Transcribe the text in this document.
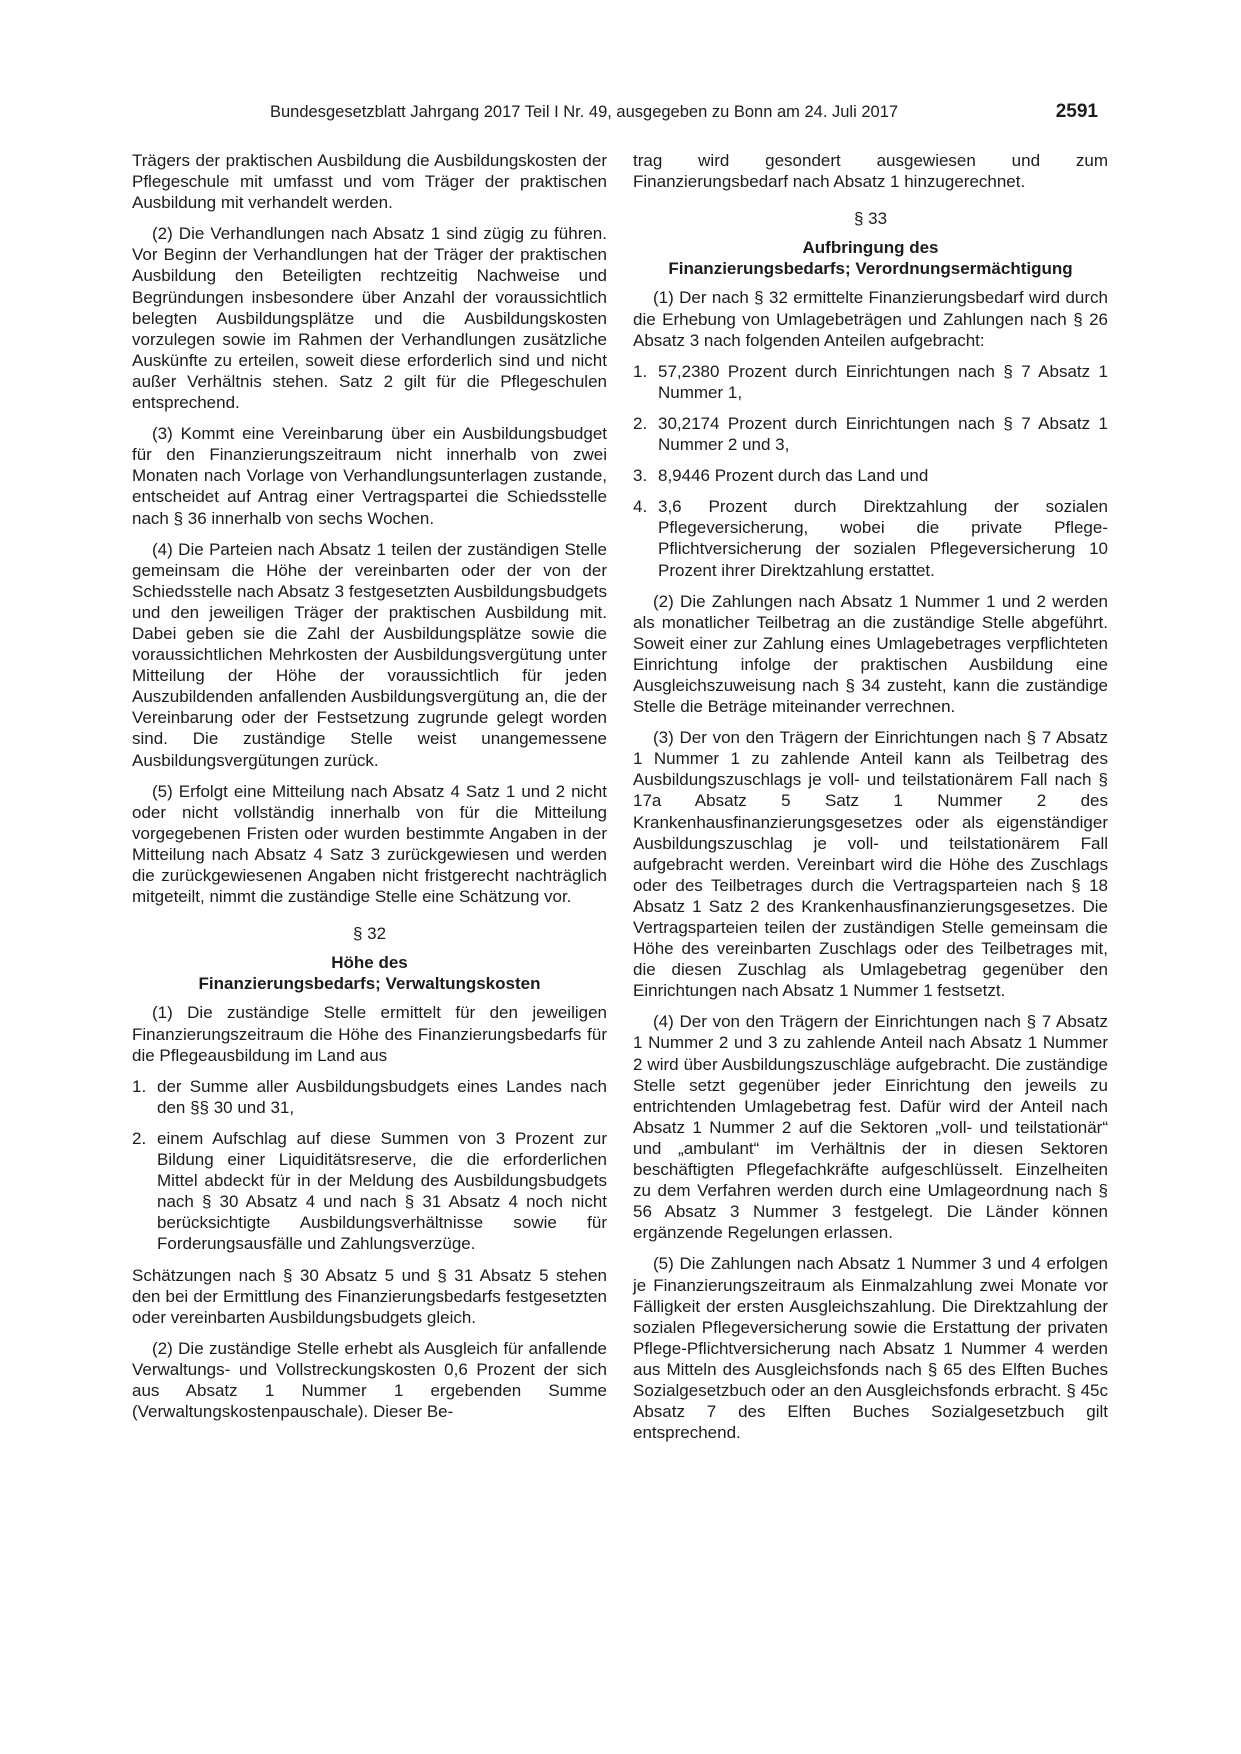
Bundesgesetzblatt Jahrgang 2017 Teil I Nr. 49, ausgegeben zu Bonn am 24. Juli 2017	2591

Trägers der praktischen Ausbildung die Ausbildungskosten der Pflegeschule mit umfasst und vom Träger der praktischen Ausbildung mit verhandelt werden.

(2) Die Verhandlungen nach Absatz 1 sind zügig zu führen. Vor Beginn der Verhandlungen hat der Träger der praktischen Ausbildung den Beteiligten rechtzeitig Nachweise und Begründungen insbesondere über Anzahl der voraussichtlich belegten Ausbildungsplätze und die Ausbildungskosten vorzulegen sowie im Rahmen der Verhandlungen zusätzliche Auskünfte zu erteilen, soweit diese erforderlich sind und nicht außer Verhältnis stehen. Satz 2 gilt für die Pflegeschulen entsprechend.

(3) Kommt eine Vereinbarung über ein Ausbildungsbudget für den Finanzierungszeitraum nicht innerhalb von zwei Monaten nach Vorlage von Verhandlungsunterlagen zustande, entscheidet auf Antrag einer Vertragspartei die Schiedsstelle nach § 36 innerhalb von sechs Wochen.

(4) Die Parteien nach Absatz 1 teilen der zuständigen Stelle gemeinsam die Höhe der vereinbarten oder der von der Schiedsstelle nach Absatz 3 festgesetzten Ausbildungsbudgets und den jeweiligen Träger der praktischen Ausbildung mit. Dabei geben sie die Zahl der Ausbildungsplätze sowie die voraussichtlichen Mehrkosten der Ausbildungsvergütung unter Mitteilung der Höhe der voraussichtlich für jeden Auszubildenden anfallenden Ausbildungsvergütung an, die der Vereinbarung oder der Festsetzung zugrunde gelegt worden sind. Die zuständige Stelle weist unangemessene Ausbildungsvergütungen zurück.

(5) Erfolgt eine Mitteilung nach Absatz 4 Satz 1 und 2 nicht oder nicht vollständig innerhalb von für die Mitteilung vorgegebenen Fristen oder wurden bestimmte Angaben in der Mitteilung nach Absatz 4 Satz 3 zurückgewiesen und werden die zurückgewiesenen Angaben nicht fristgerecht nachträglich mitgeteilt, nimmt die zuständige Stelle eine Schätzung vor.

§ 32
Höhe des
Finanzierungsbedarfs; Verwaltungskosten

(1) Die zuständige Stelle ermittelt für den jeweiligen Finanzierungszeitraum die Höhe des Finanzierungsbedarfs für die Pflegeausbildung im Land aus

1. der Summe aller Ausbildungsbudgets eines Landes nach den §§ 30 und 31,
2. einem Aufschlag auf diese Summen von 3 Prozent zur Bildung einer Liquiditätsreserve, die die erforderlichen Mittel abdeckt für in der Meldung des Ausbildungsbudgets nach § 30 Absatz 4 und nach § 31 Absatz 4 noch nicht berücksichtigte Ausbildungsverhältnisse sowie für Forderungsausfälle und Zahlungsverzüge.

Schätzungen nach § 30 Absatz 5 und § 31 Absatz 5 stehen den bei der Ermittlung des Finanzierungsbedarfs festgesetzten oder vereinbarten Ausbildungsbudgets gleich.

(2) Die zuständige Stelle erhebt als Ausgleich für anfallende Verwaltungs- und Vollstreckungskosten 0,6 Prozent der sich aus Absatz 1 Nummer 1 ergebenden Summe (Verwaltungskostenpauschale). Dieser Be-

trag wird gesondert ausgewiesen und zum Finanzierungsbedarf nach Absatz 1 hinzugerechnet.

§ 33
Aufbringung des
Finanzierungsbedarfs; Verordnungsermächtigung

(1) Der nach § 32 ermittelte Finanzierungsbedarf wird durch die Erhebung von Umlagebeträgen und Zahlungen nach § 26 Absatz 3 nach folgenden Anteilen aufgebracht:

1. 57,2380 Prozent durch Einrichtungen nach § 7 Absatz 1 Nummer 1,
2. 30,2174 Prozent durch Einrichtungen nach § 7 Absatz 1 Nummer 2 und 3,
3. 8,9446 Prozent durch das Land und
4. 3,6 Prozent durch Direktzahlung der sozialen Pflegeversicherung, wobei die private Pflege-Pflichtversicherung der sozialen Pflegeversicherung 10 Prozent ihrer Direktzahlung erstattet.

(2) Die Zahlungen nach Absatz 1 Nummer 1 und 2 werden als monatlicher Teilbetrag an die zuständige Stelle abgeführt. Soweit einer zur Zahlung eines Umlagebetrages verpflichteten Einrichtung infolge der praktischen Ausbildung eine Ausgleichszuweisung nach § 34 zusteht, kann die zuständige Stelle die Beträge miteinander verrechnen.

(3) Der von den Trägern der Einrichtungen nach § 7 Absatz 1 Nummer 1 zu zahlende Anteil kann als Teilbetrag des Ausbildungszuschlags je voll- und teilstationärem Fall nach § 17a Absatz 5 Satz 1 Nummer 2 des Krankenhausfinanzierungsgesetzes oder als eigenständiger Ausbildungszuschlag je voll- und teilstationärem Fall aufgebracht werden. Vereinbart wird die Höhe des Zuschlags oder des Teilbetrages durch die Vertragsparteien nach § 18 Absatz 1 Satz 2 des Krankenhausfinanzierungsgesetzes. Die Vertragsparteien teilen der zuständigen Stelle gemeinsam die Höhe des vereinbarten Zuschlags oder des Teilbetrages mit, die diesen Zuschlag als Umlagebetrag gegenüber den Einrichtungen nach Absatz 1 Nummer 1 festsetzt.

(4) Der von den Trägern der Einrichtungen nach § 7 Absatz 1 Nummer 2 und 3 zu zahlende Anteil nach Absatz 1 Nummer 2 wird über Ausbildungszuschläge aufgebracht. Die zuständige Stelle setzt gegenüber jeder Einrichtung den jeweils zu entrichtenden Umlagebetrag fest. Dafür wird der Anteil nach Absatz 1 Nummer 2 auf die Sektoren „voll- und teilstationär“ und „ambulant“ im Verhältnis der in diesen Sektoren beschäftigten Pflegefachkräfte aufgeschlüsselt. Einzelheiten zu dem Verfahren werden durch eine Umlageordnung nach § 56 Absatz 3 Nummer 3 festgelegt. Die Länder können ergänzende Regelungen erlassen.

(5) Die Zahlungen nach Absatz 1 Nummer 3 und 4 erfolgen je Finanzierungszeitraum als Einmalzahlung zwei Monate vor Fälligkeit der ersten Ausgleichszahlung. Die Direktzahlung der sozialen Pflegeversicherung sowie die Erstattung der privaten Pflege-Pflichtversicherung nach Absatz 1 Nummer 4 werden aus Mitteln des Ausgleichsfonds nach § 65 des Elften Buches Sozialgesetzbuch oder an den Ausgleichsfonds erbracht. § 45c Absatz 7 des Elften Buches Sozialgesetzbuch gilt entsprechend.
